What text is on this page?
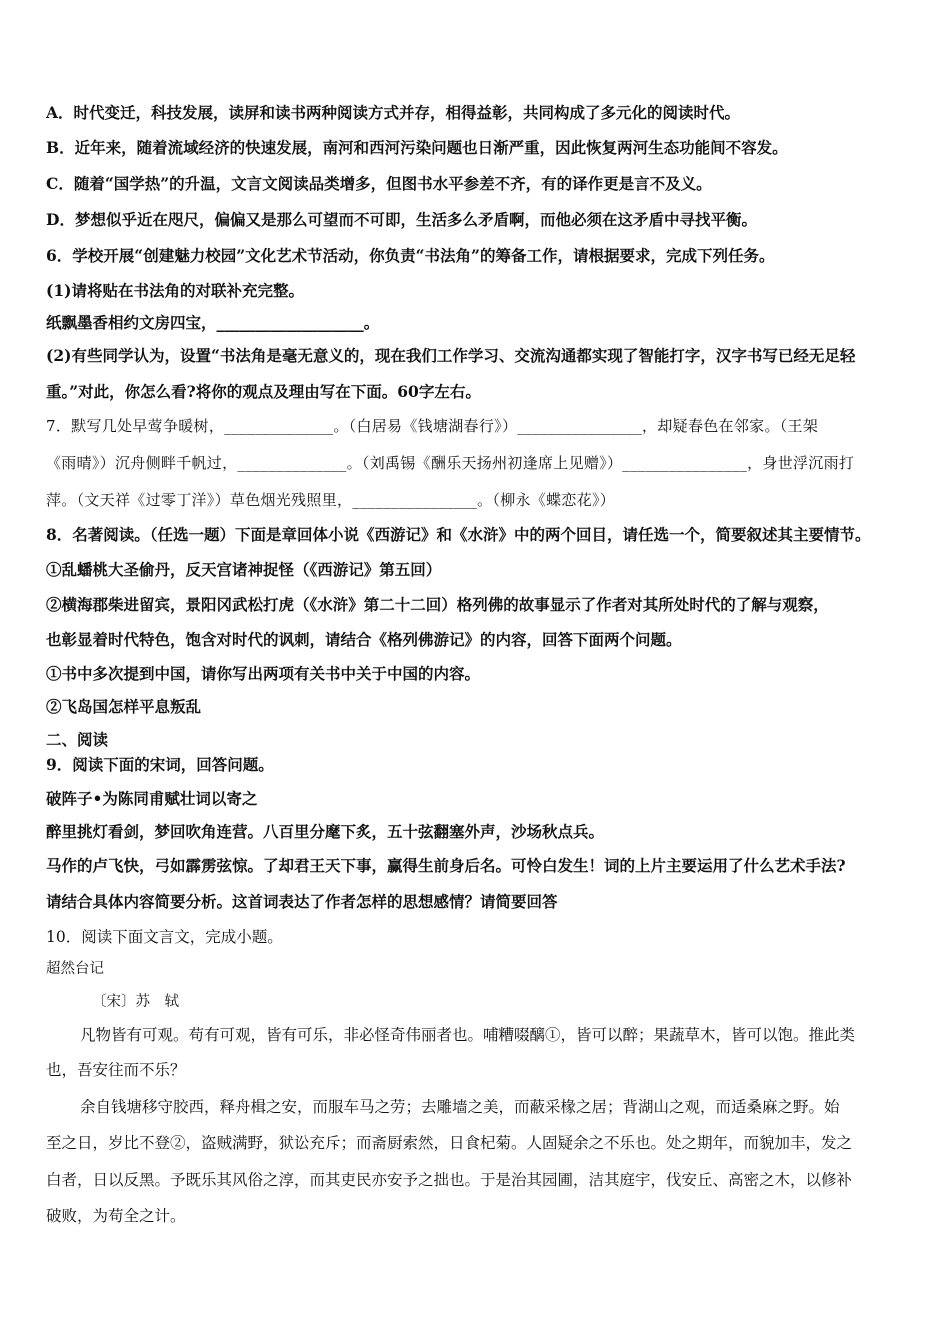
A．时代变迁，科技发展，读屏和读书两种阅读方式并存，相得益彰，共同构成了多元化的阅读时代。
B．近年来，随着流域经济的快速发展，南河和西河污染问题也日渐严重，因此恢复两河生态功能间不容发。
C．随着“国学热”的升温，文言文阅读品类增多，但图书水平参差不齐，有的译作更是言不及义。
D．梦想似乎近在咫尺，偏偏又是那么可望而不可即，生活多么矛盾啊，而他必须在这矛盾中寻找平衡。
6．学校开展“创建魅力校园”文化艺术节活动，你负责“书法角”的筹备工作，请根据要求，完成下列任务。
(1)请将贴在书法角的对联补充完整。
纸飘墨香相约文房四宝，___________________。
(2)有些同学认为，设置“书法角是毫无意义的，现在我们工作学习、交流沟通都实现了智能打字，汉字书写已经无足轻
重。”对此，你怎么看?将你的观点及理由写在下面。60字左右。
7．默写几处早莺争暖树，______________。（白居易《钱塘湖春行》）________________，却疑春色在邻家。（王架
《雨晴》）沉舟侧畔千帆过，______________。（刘禹锡《酬乐天扬州初逢席上见赠》）________________，身世浮沉雨打
萍。（文天祥《过零丁洋》）草色烟光残照里，________________。（柳永《蝶恋花》）
8．名著阅读。（任选一题）下面是章回体小说《西游记》和《水浒》中的两个回目，请任选一个，简要叙述其主要情节。
①乱蟠桃大圣偷丹，反天宫诸神捉怪（《西游记》第五回）
②横海郡柴进留宾，景阳冈武松打虎（《水浒》第二十二回）格列佛的故事显示了作者对其所处时代的了解与观察，
也彰显着时代特色，饱含对时代的讽刺，请结合《格列佛游记》的内容，回答下面两个问题。
①书中多次提到中国，请你写出两项有关书中关于中国的内容。
②飞岛国怎样平息叛乱
二、阅读
9．阅读下面的宋词，回答问题。
破阵子•为陈同甫赋壮词以寄之
醉里挑灯看剑，梦回吹角连营。八百里分麾下炙，五十弦翻塞外声，沙场秋点兵。
马作的卢飞快，弓如霹雳弦惊。了却君王天下事，赢得生前身后名。可怜白发生！词的上片主要运用了什么艺术手法?
请结合具体内容简要分析。这首词表达了作者怎样的思想感情？请简要回答
10．阅读下面文言文，完成小题。
超然台记
〔宋〕苏　轼
凡物皆有可观。苟有可观，皆有可乐，非必怪奇伟丽者也。哺糟啜醨①，皆可以醉；果蔬草木，皆可以饱。推此类
也，吾安往而不乐？
余自钱塘移守胶西，释舟楫之安，而服车马之劳；去雕墙之美，而蔽采椽之居；背湖山之观，而适桑麻之野。始
至之日，岁比不登②，盗贼满野，狱讼充斥；而斋厨索然，日食杞菊。人固疑余之不乐也。处之期年，而貌加丰，发之
白者，日以反黑。予既乐其风俗之淳，而其吏民亦安予之拙也。于是治其园圃，洁其庭宇，伐安丘、高密之木，以修补
破败，为苟全之计。
